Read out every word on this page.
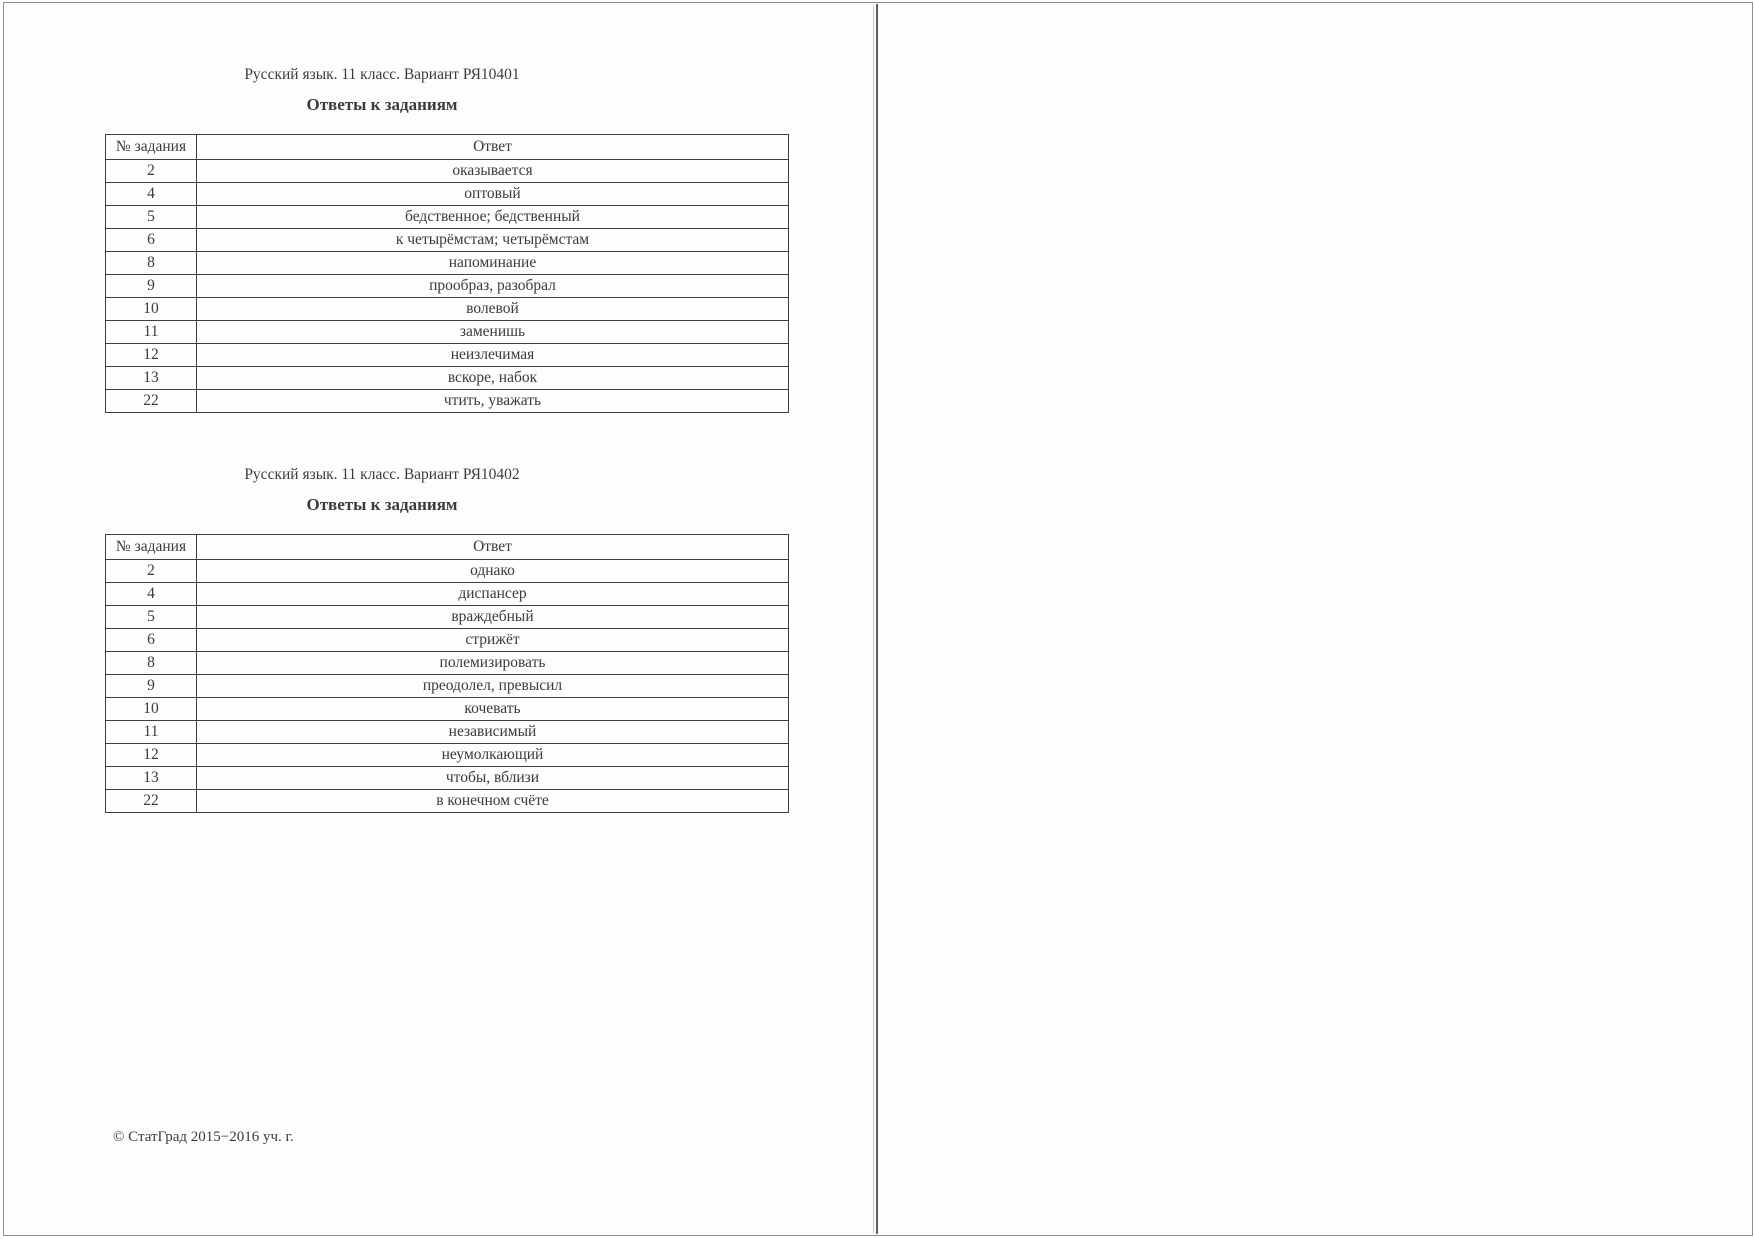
Русский язык. 11 класс. Вариант РЯ10401
Ответы к заданиям
№ задания	Ответ
2	оказывается
4	оптовый
5	бедственное; бедственный
6	к четырёмстам; четырёмстам
8	напоминание
9	прообраз, разобрал
10	волевой
11	заменишь
12	неизлечимая
13	вскоре, набок
22	чтить, уважать
Русский язык. 11 класс. Вариант РЯ10402
Ответы к заданиям
№ задания	Ответ
2	однако
4	диспансер
5	враждебный
6	стрижёт
8	полемизировать
9	преодолел, превысил
10	кочевать
11	независимый
12	неумолкающий
13	чтобы, вблизи
22	в конечном счёте
© СтатГрад 2015−2016 уч. г.
